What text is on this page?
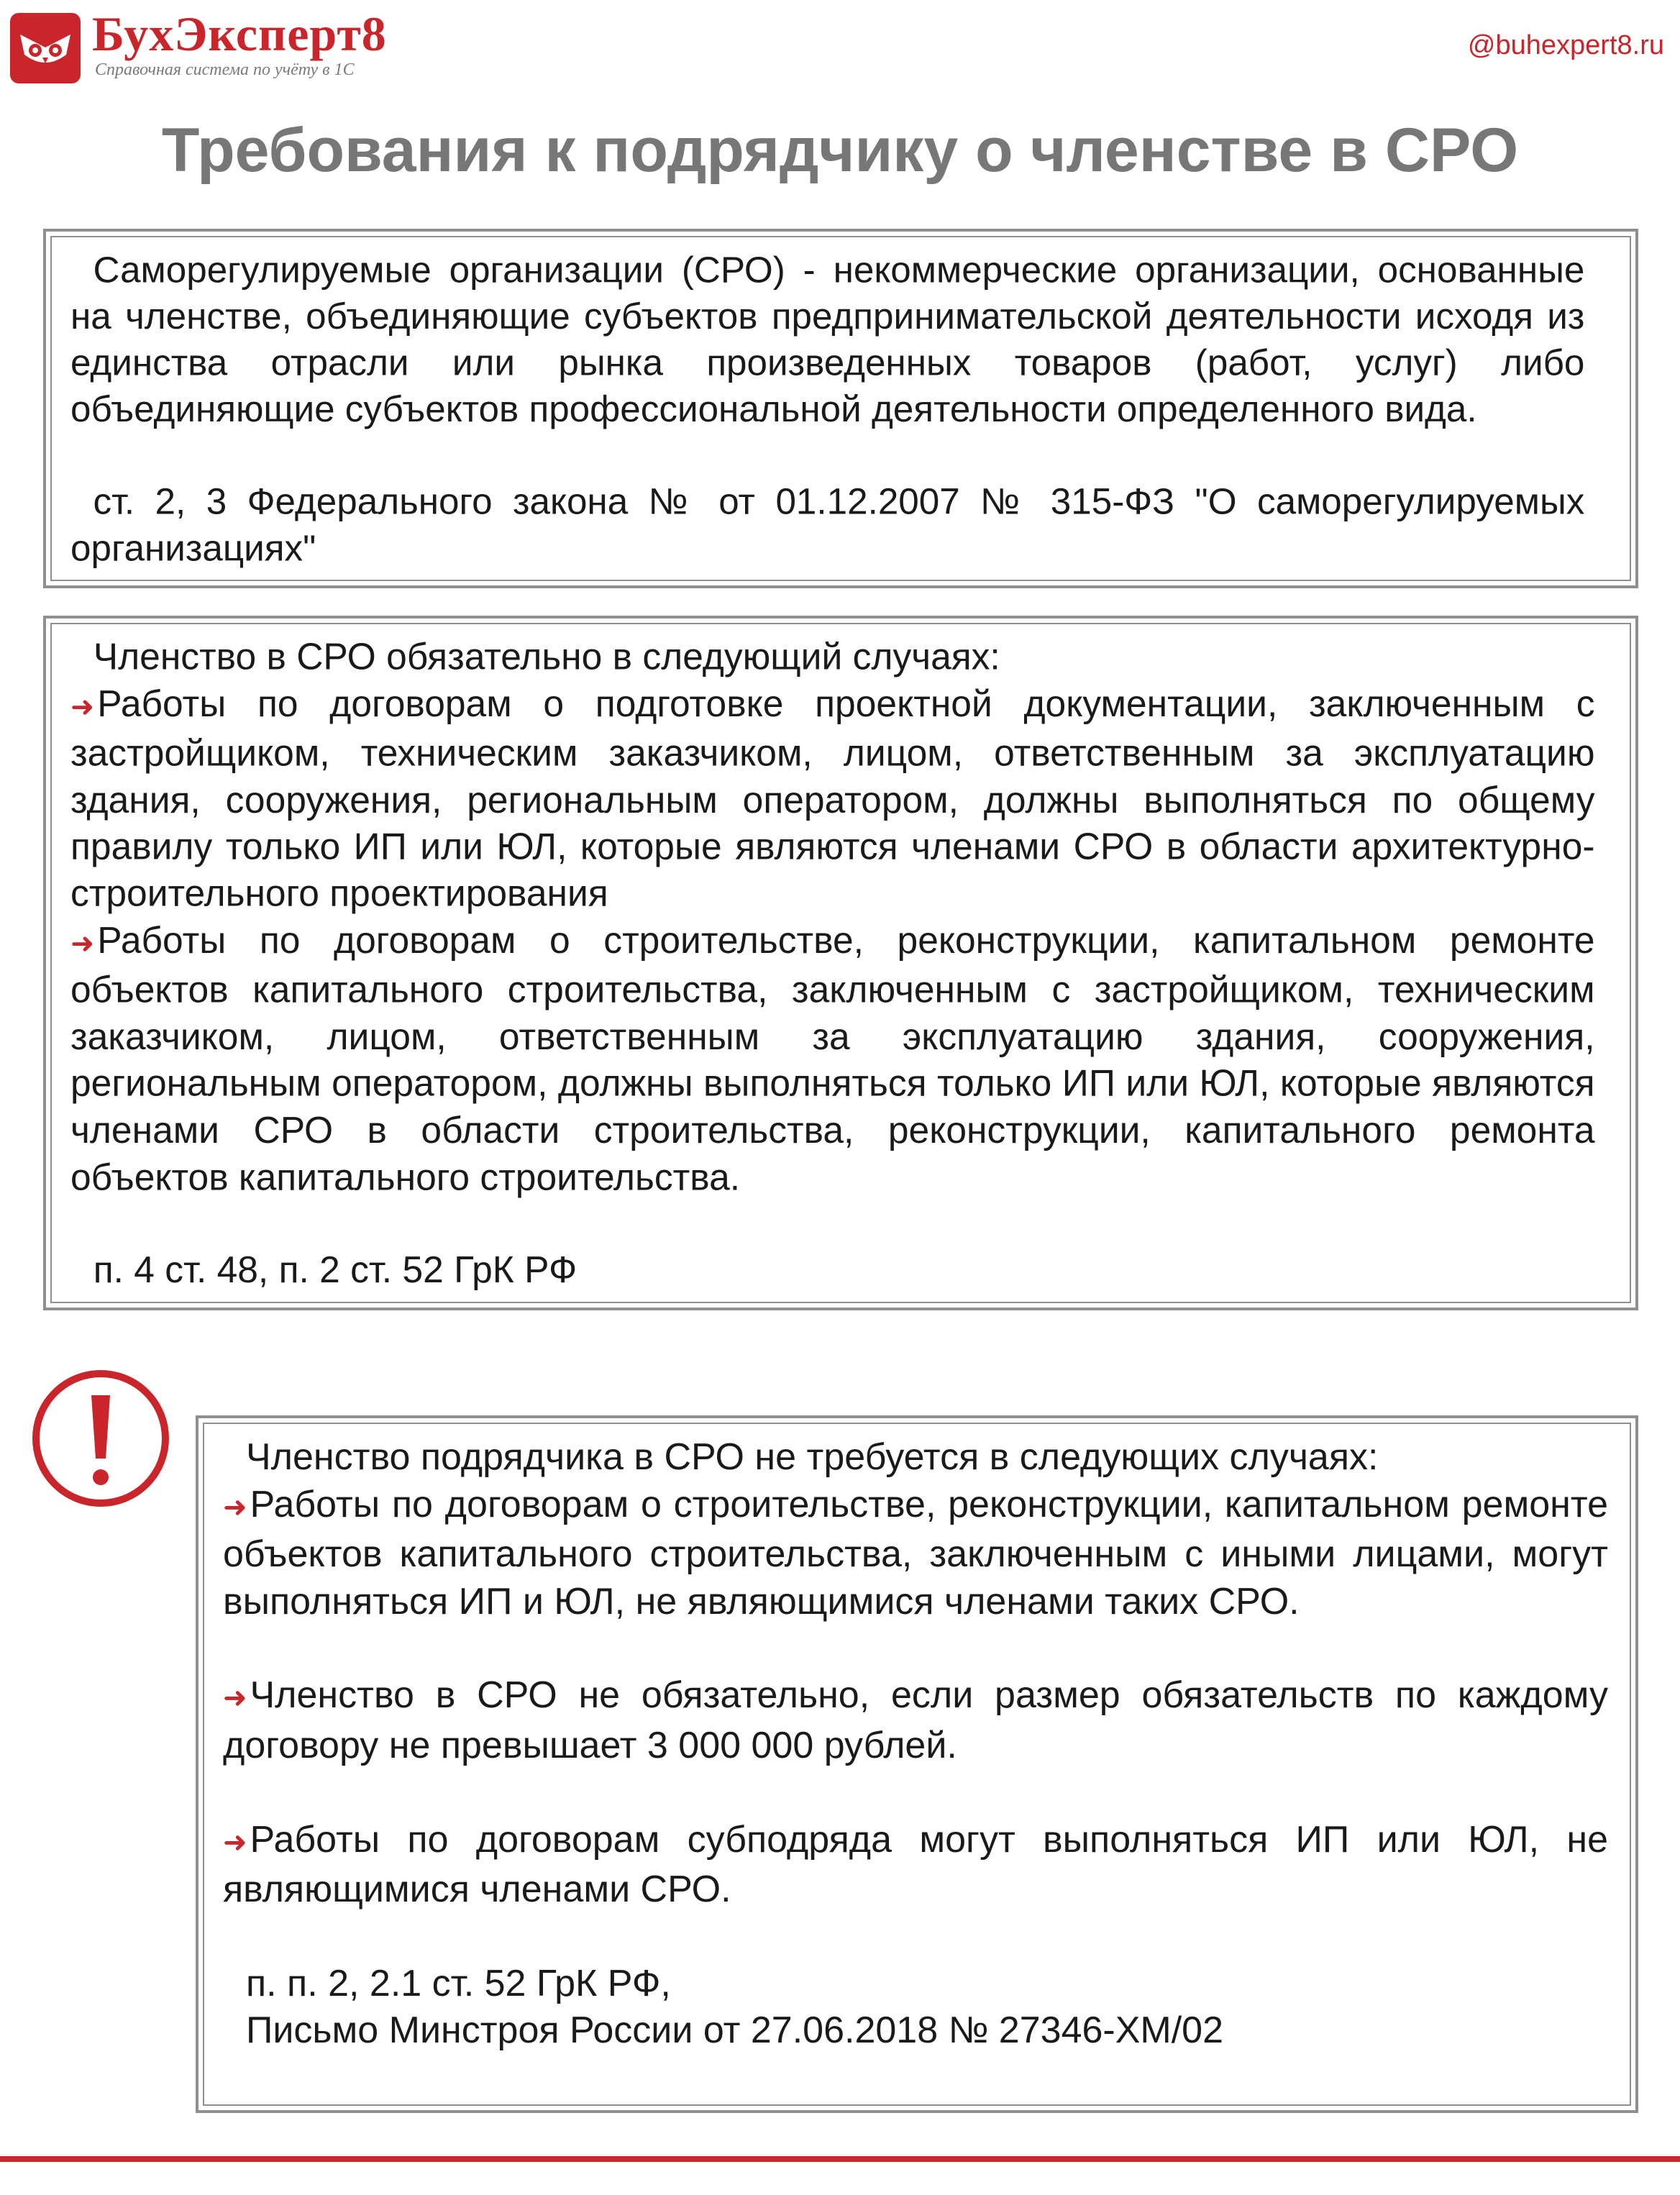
БухЭксперт8
Справочная система по учёту в 1С
@buhexpert8.ru
Требования к подрядчику о членстве в СРО
Саморегулируемые организации (СРО) - некоммерческие организации, основанные на членстве, объединяющие субъектов предпринимательской деятельности исходя из единства отрасли или рынка произведенных товаров (работ, услуг) либо объединяющие субъектов профессиональной деятельности определенного вида.
ст. 2, 3 Федерального закона № от 01.12.2007 № 315-ФЗ "О саморегулируемых организациях"
Членство в СРО обязательно в следующий случаях:
➜Работы по договорам о подготовке проектной документации, заключенным с застройщиком, техническим заказчиком, лицом, ответственным за эксплуатацию здания, сооружения, региональным оператором, должны выполняться по общему правилу только ИП или ЮЛ, которые являются членами СРО в области архитектурно-строительного проектирования
➜Работы по договорам о строительстве, реконструкции, капитальном ремонте объектов капитального строительства, заключенным с застройщиком, техническим заказчиком, лицом, ответственным за эксплуатацию здания, сооружения, региональным оператором, должны выполняться только ИП или ЮЛ, которые являются членами СРО в области строительства, реконструкции, капитального ремонта объектов капитального строительства.
п. 4 ст. 48, п. 2 ст. 52 ГрК РФ
Членство подрядчика в СРО не требуется в следующих случаях:
➜Работы по договорам о строительстве, реконструкции, капитальном ремонте объектов капитального строительства, заключенным с иными лицами, могут выполняться ИП и ЮЛ, не являющимися членами таких СРО.
➜Членство в СРО не обязательно, если размер обязательств по каждому договору не превышает 3 000 000 рублей.
➜Работы по договорам субподряда могут выполняться ИП или ЮЛ, не являющимися членами СРО.
п. п. 2, 2.1 ст. 52 ГрК РФ,
Письмо Минстроя России от 27.06.2018 № 27346-ХМ/02
